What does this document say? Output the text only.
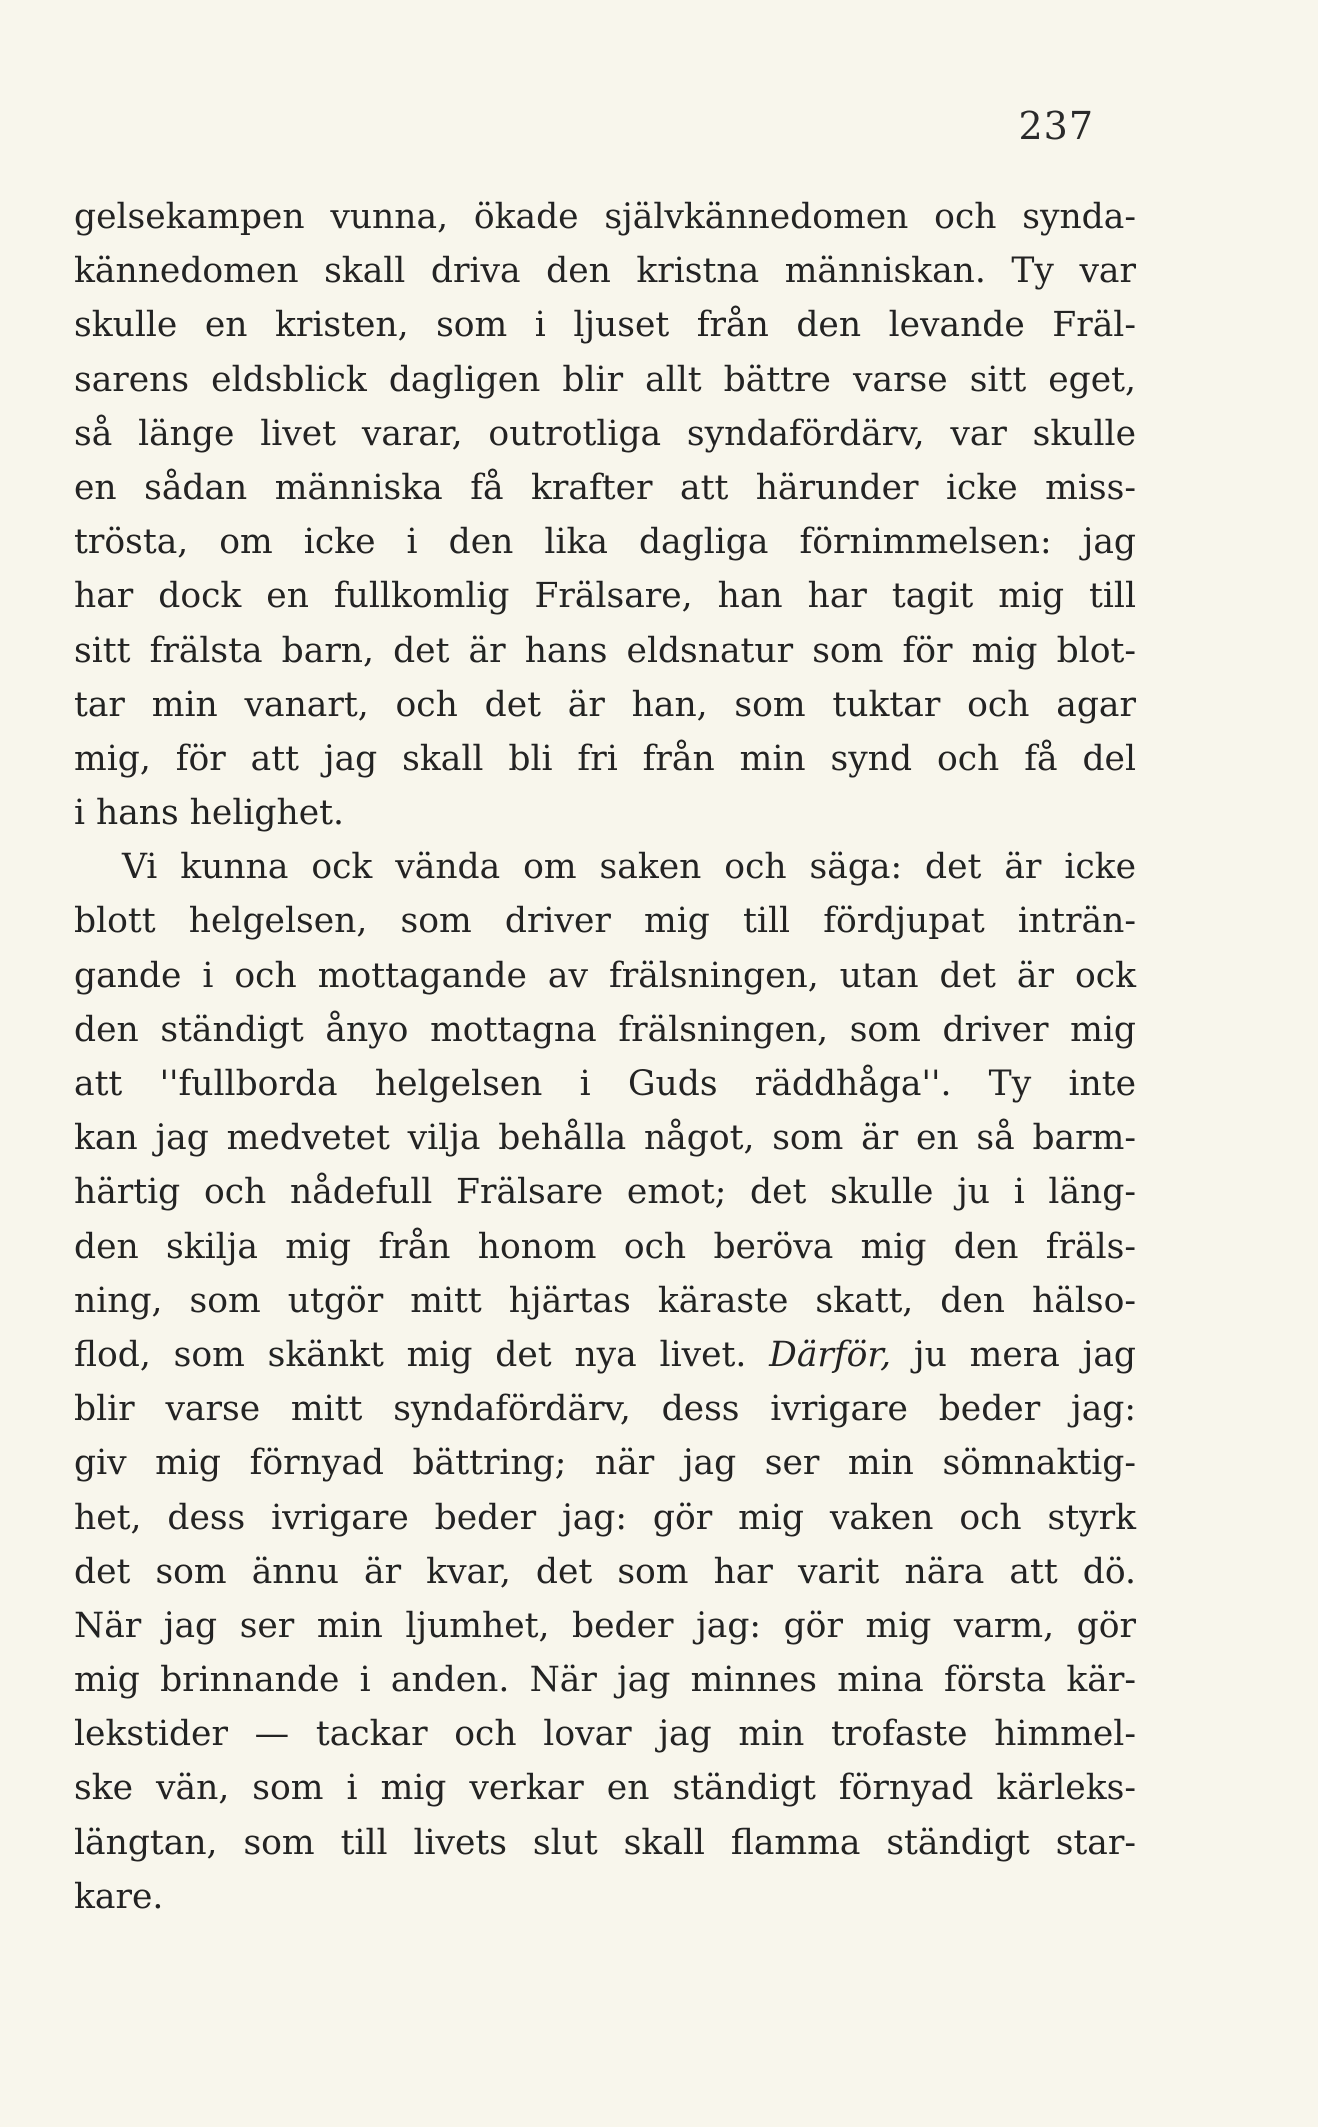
237
gelsekampen vunna, ökade självkännedomen och synda-
kännedomen skall driva den kristna människan. Ty var
skulle en kristen, som i ljuset från den levande Fräl-
sarens eldsblick dagligen blir allt bättre varse sitt eget,
så länge livet varar, outrotliga syndafördärv, var skulle
en sådan människa få krafter att härunder icke miss-
trösta, om icke i den lika dagliga förnimmelsen: jag
har dock en fullkomlig Frälsare, han har tagit mig till
sitt frälsta barn, det är hans eldsnatur som för mig blot-
tar min vanart, och det är han, som tuktar och agar
mig, för att jag skall bli fri från min synd och få del
i hans helighet.
Vi kunna ock vända om saken och säga: det är icke
blott helgelsen, som driver mig till fördjupat inträn-
gande i och mottagande av frälsningen, utan det är ock
den ständigt ånyo mottagna frälsningen, som driver mig
att ''fullborda helgelsen i Guds räddhåga''. Ty inte
kan jag medvetet vilja behålla något, som är en så barm-
härtig och nådefull Frälsare emot; det skulle ju i läng-
den skilja mig från honom och beröva mig den fräls-
ning, som utgör mitt hjärtas käraste skatt, den hälso-
flod, som skänkt mig det nya livet. Därför, ju mera jag
blir varse mitt syndafördärv, dess ivrigare beder jag:
giv mig förnyad bättring; när jag ser min sömnaktig-
het, dess ivrigare beder jag: gör mig vaken och styrk
det som ännu är kvar, det som har varit nära att dö.
När jag ser min ljumhet, beder jag: gör mig varm, gör
mig brinnande i anden. När jag minnes mina första kär-
lekstider — tackar och lovar jag min trofaste himmel-
ske vän, som i mig verkar en ständigt förnyad kärleks-
längtan, som till livets slut skall flamma ständigt star-
kare.
